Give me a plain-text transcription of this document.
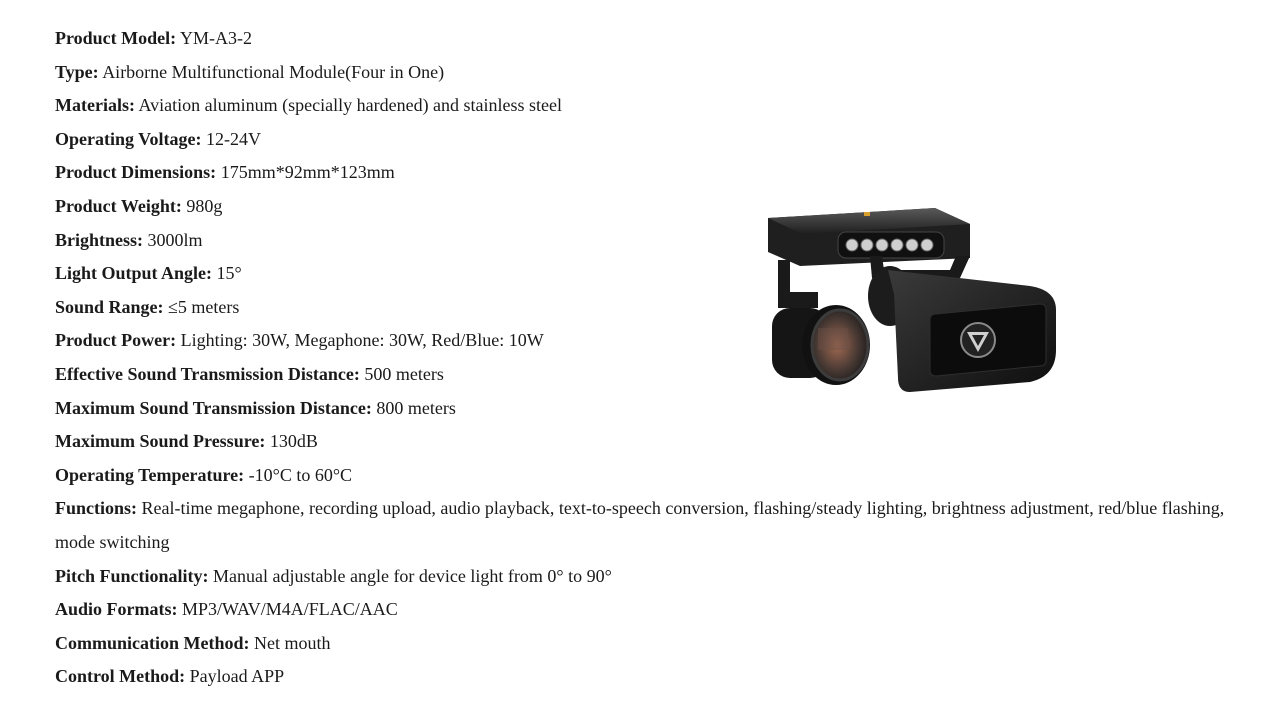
Product Model: YM-A3-2
Type: Airborne Multifunctional Module(Four in One)
Materials: Aviation aluminum (specially hardened) and stainless steel
Operating Voltage: 12-24V
Product Dimensions: 175mm*92mm*123mm
Product Weight: 980g
Brightness: 3000lm
Light Output Angle: 15°
Sound Range: ≤5 meters
Product Power: Lighting: 30W, Megaphone: 30W, Red/Blue: 10W
Effective Sound Transmission Distance: 500 meters
Maximum Sound Transmission Distance: 800 meters
Maximum Sound Pressure: 130dB
Operating Temperature: -10°C to 60°C
Functions: Real-time megaphone, recording upload, audio playback, text-to-speech conversion, flashing/steady lighting, brightness adjustment, red/blue flashing, mode switching
Pitch Functionality: Manual adjustable angle for device light from 0° to 90°
Audio Formats: MP3/WAV/M4A/FLAC/AAC
Communication Method: Net mouth
Control Method: Payload APP
